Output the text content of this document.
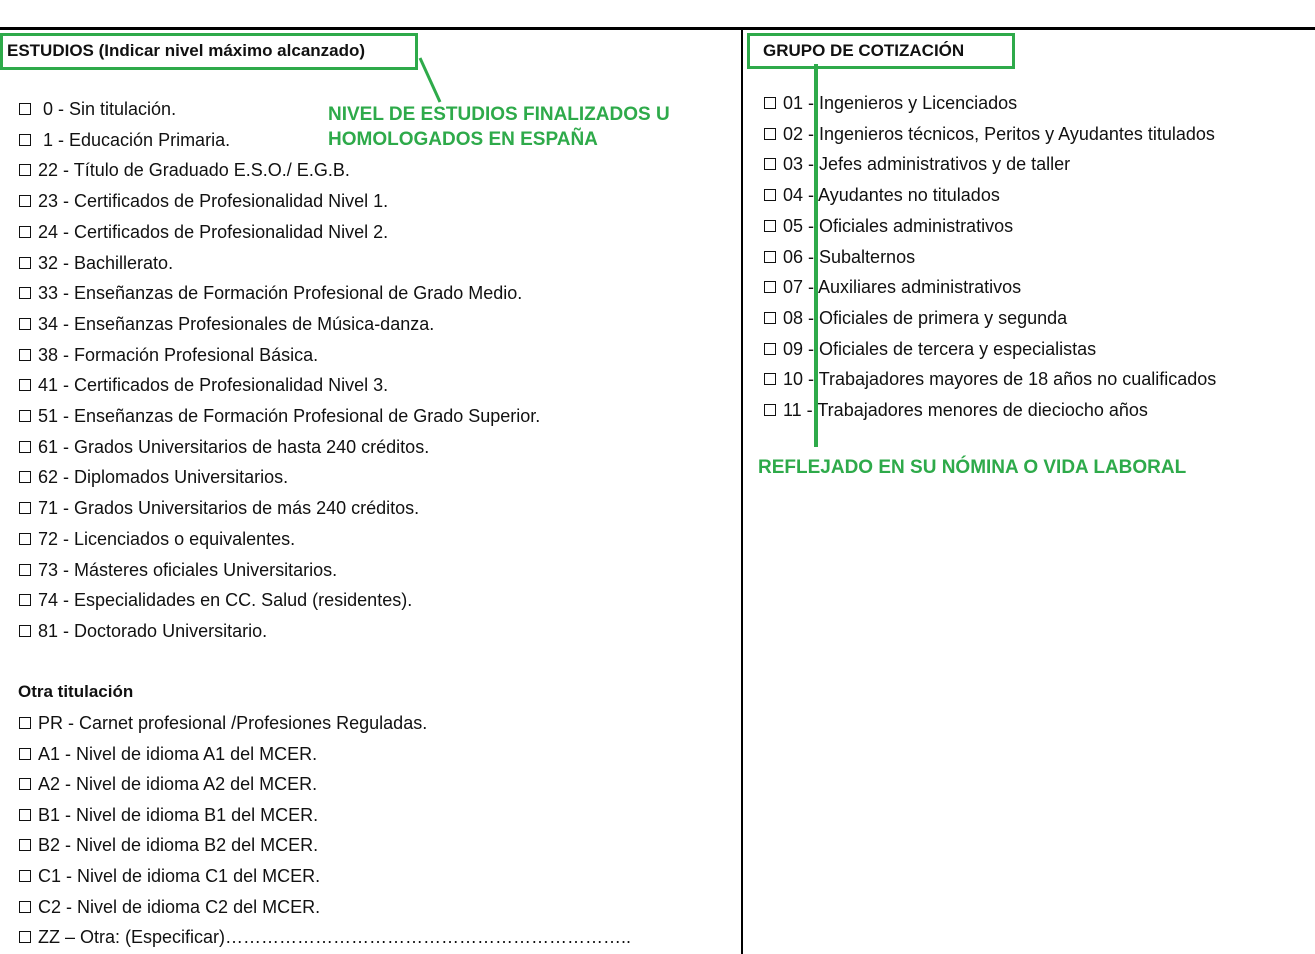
ESTUDIOS (Indicar nivel máximo alcanzado)
NIVEL DE ESTUDIOS FINALIZADOS U
HOMOLOGADOS EN ESPAÑA
0 - Sin titulación.
1 - Educación Primaria.
22 - Título de Graduado E.S.O./ E.G.B.
23 - Certificados de Profesionalidad Nivel 1.
24 - Certificados de Profesionalidad Nivel 2.
32 - Bachillerato.
33 - Enseñanzas de Formación Profesional de Grado Medio.
34 - Enseñanzas Profesionales de Música-danza.
38 - Formación Profesional Básica.
41 - Certificados de Profesionalidad Nivel 3.
51 - Enseñanzas de Formación Profesional de Grado Superior.
61 - Grados Universitarios de hasta 240 créditos.
62 - Diplomados Universitarios.
71 - Grados Universitarios de más 240 créditos.
72 - Licenciados o equivalentes.
73 - Másteres oficiales Universitarios.
74 - Especialidades en CC. Salud (residentes).
81 - Doctorado Universitario.
Otra titulación
PR - Carnet profesional /Profesiones Reguladas.
A1 - Nivel de idioma A1 del MCER.
A2 - Nivel de idioma A2 del MCER.
B1 - Nivel de idioma B1 del MCER.
B2 - Nivel de idioma B2 del MCER.
C1 - Nivel de idioma C1 del MCER.
C2 - Nivel de idioma C2 del MCER.
ZZ – Otra: (Especificar)…………………………………………………………..
GRUPO DE COTIZACIÓN
01 - Ingenieros y Licenciados
02 - Ingenieros técnicos, Peritos y Ayudantes titulados
03 - Jefes administrativos y de taller
04 - Ayudantes no titulados
05 - Oficiales administrativos
06 - Subalternos
07 - Auxiliares administrativos
08 - Oficiales de primera y segunda
09 - Oficiales de tercera y especialistas
10 - Trabajadores mayores de 18 años no cualificados
11 - Trabajadores menores de dieciocho años
REFLEJADO EN SU NÓMINA O VIDA LABORAL
